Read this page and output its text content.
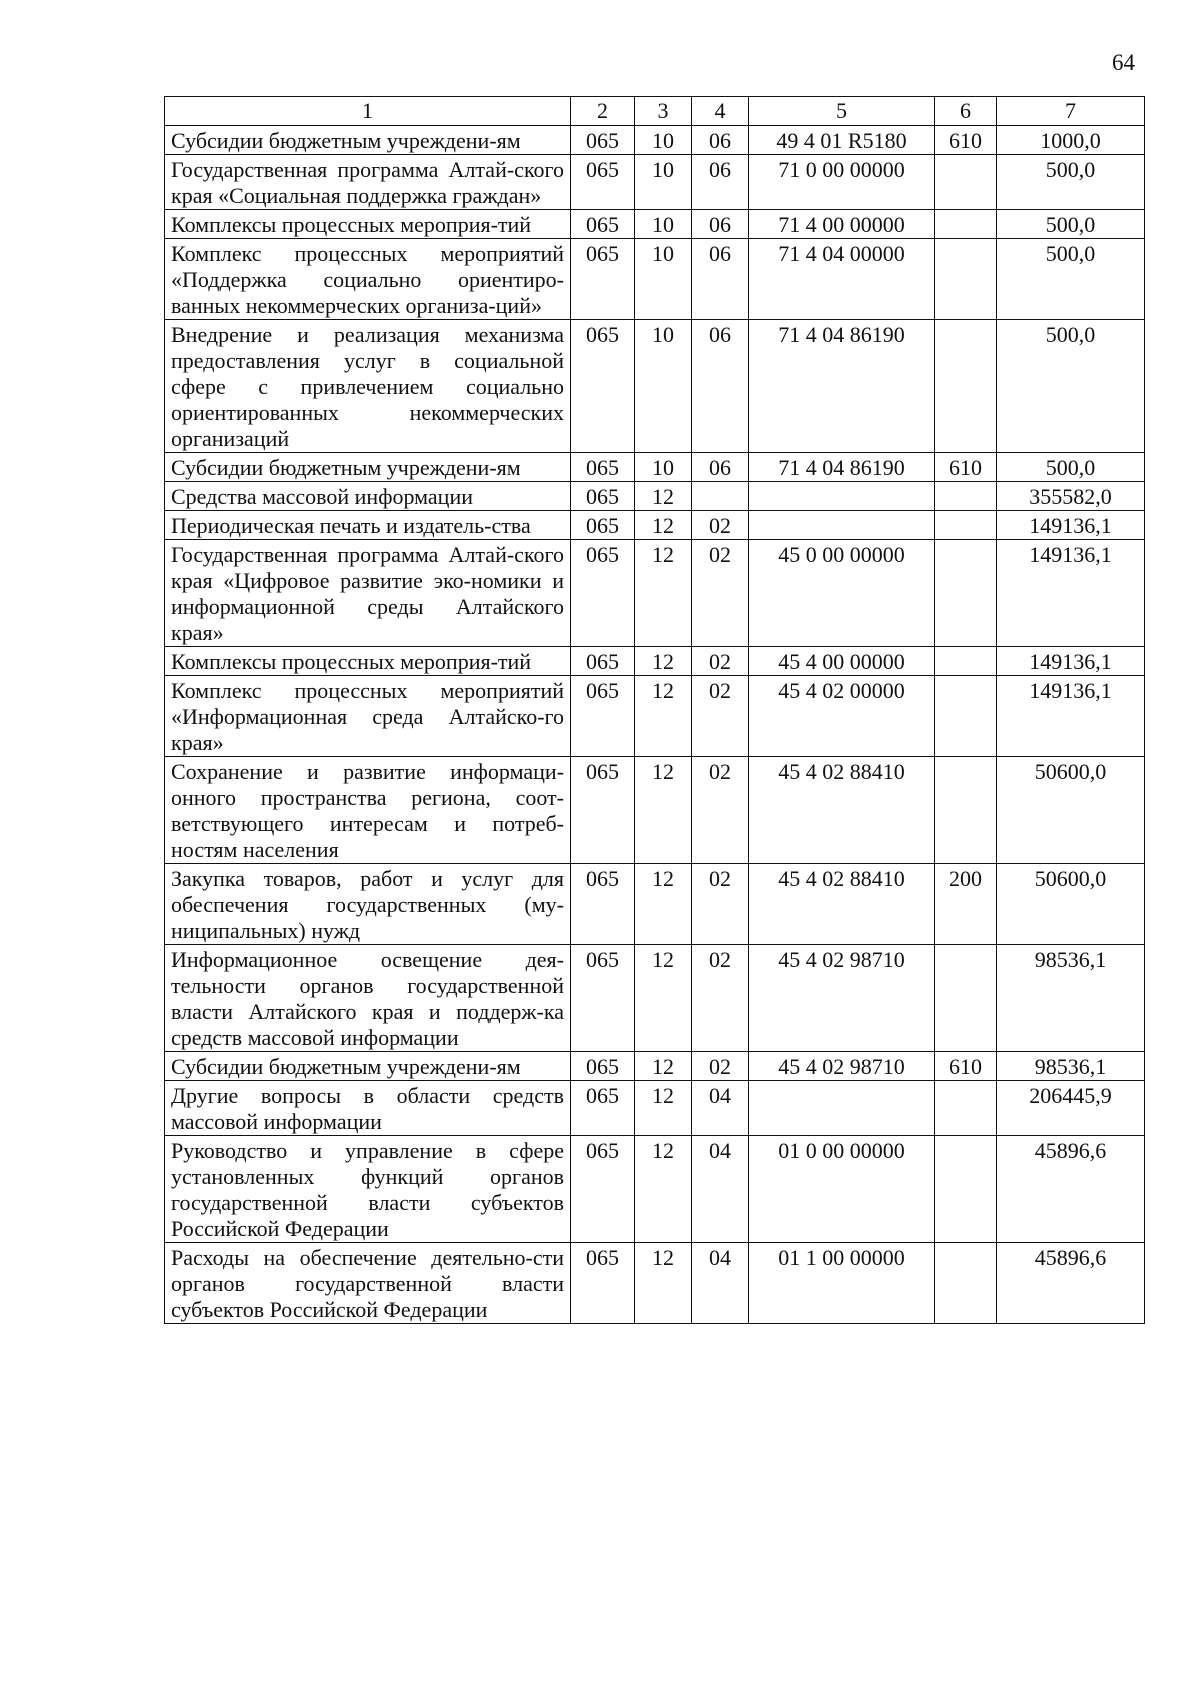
64
1	2	3	4	5	6	7
Субсидии бюджетным учреждени-ям	065	10	06	49 4 01 R5180	610	1000,0
Государственная программа Алтай-ского края «Социальная поддержка граждан»	065	10	06	71 0 00 00000		500,0
Комплексы процессных мероприя-тий	065	10	06	71 4 00 00000		500,0
Комплекс процессных мероприятий «Поддержка социально ориентиро-ванных некоммерческих организа-ций»	065	10	06	71 4 04 00000		500,0
Внедрение и реализация механизма предоставления услуг в социальной сфере с привлечением социально ориентированных некоммерческих организаций	065	10	06	71 4 04 86190		500,0
Субсидии бюджетным учреждени-ям	065	10	06	71 4 04 86190	610	500,0
Средства массовой информации	065	12				355582,0
Периодическая печать и издатель-ства	065	12	02			149136,1
Государственная программа Алтай-ского края «Цифровое развитие эко-номики и информационной среды Алтайского края»	065	12	02	45 0 00 00000		149136,1
Комплексы процессных мероприя-тий	065	12	02	45 4 00 00000		149136,1
Комплекс процессных мероприятий «Информационная среда Алтайско-го края»	065	12	02	45 4 02 00000		149136,1
Сохранение и развитие информаци-онного пространства региона, соот-ветствующего интересам и потреб-ностям населения	065	12	02	45 4 02 88410		50600,0
Закупка товаров, работ и услуг для обеспечения государственных (му-ниципальных) нужд	065	12	02	45 4 02 88410	200	50600,0
Информационное освещение дея-тельности органов государственной власти Алтайского края и поддерж-ка средств массовой информации	065	12	02	45 4 02 98710		98536,1
Субсидии бюджетным учреждени-ям	065	12	02	45 4 02 98710	610	98536,1
Другие вопросы в области средств массовой информации	065	12	04			206445,9
Руководство и управление в сфере установленных функций органов государственной власти субъектов Российской Федерации	065	12	04	01 0 00 00000		45896,6
Расходы на обеспечение деятельно-сти органов государственной власти субъектов Российской Федерации	065	12	04	01 1 00 00000		45896,6
